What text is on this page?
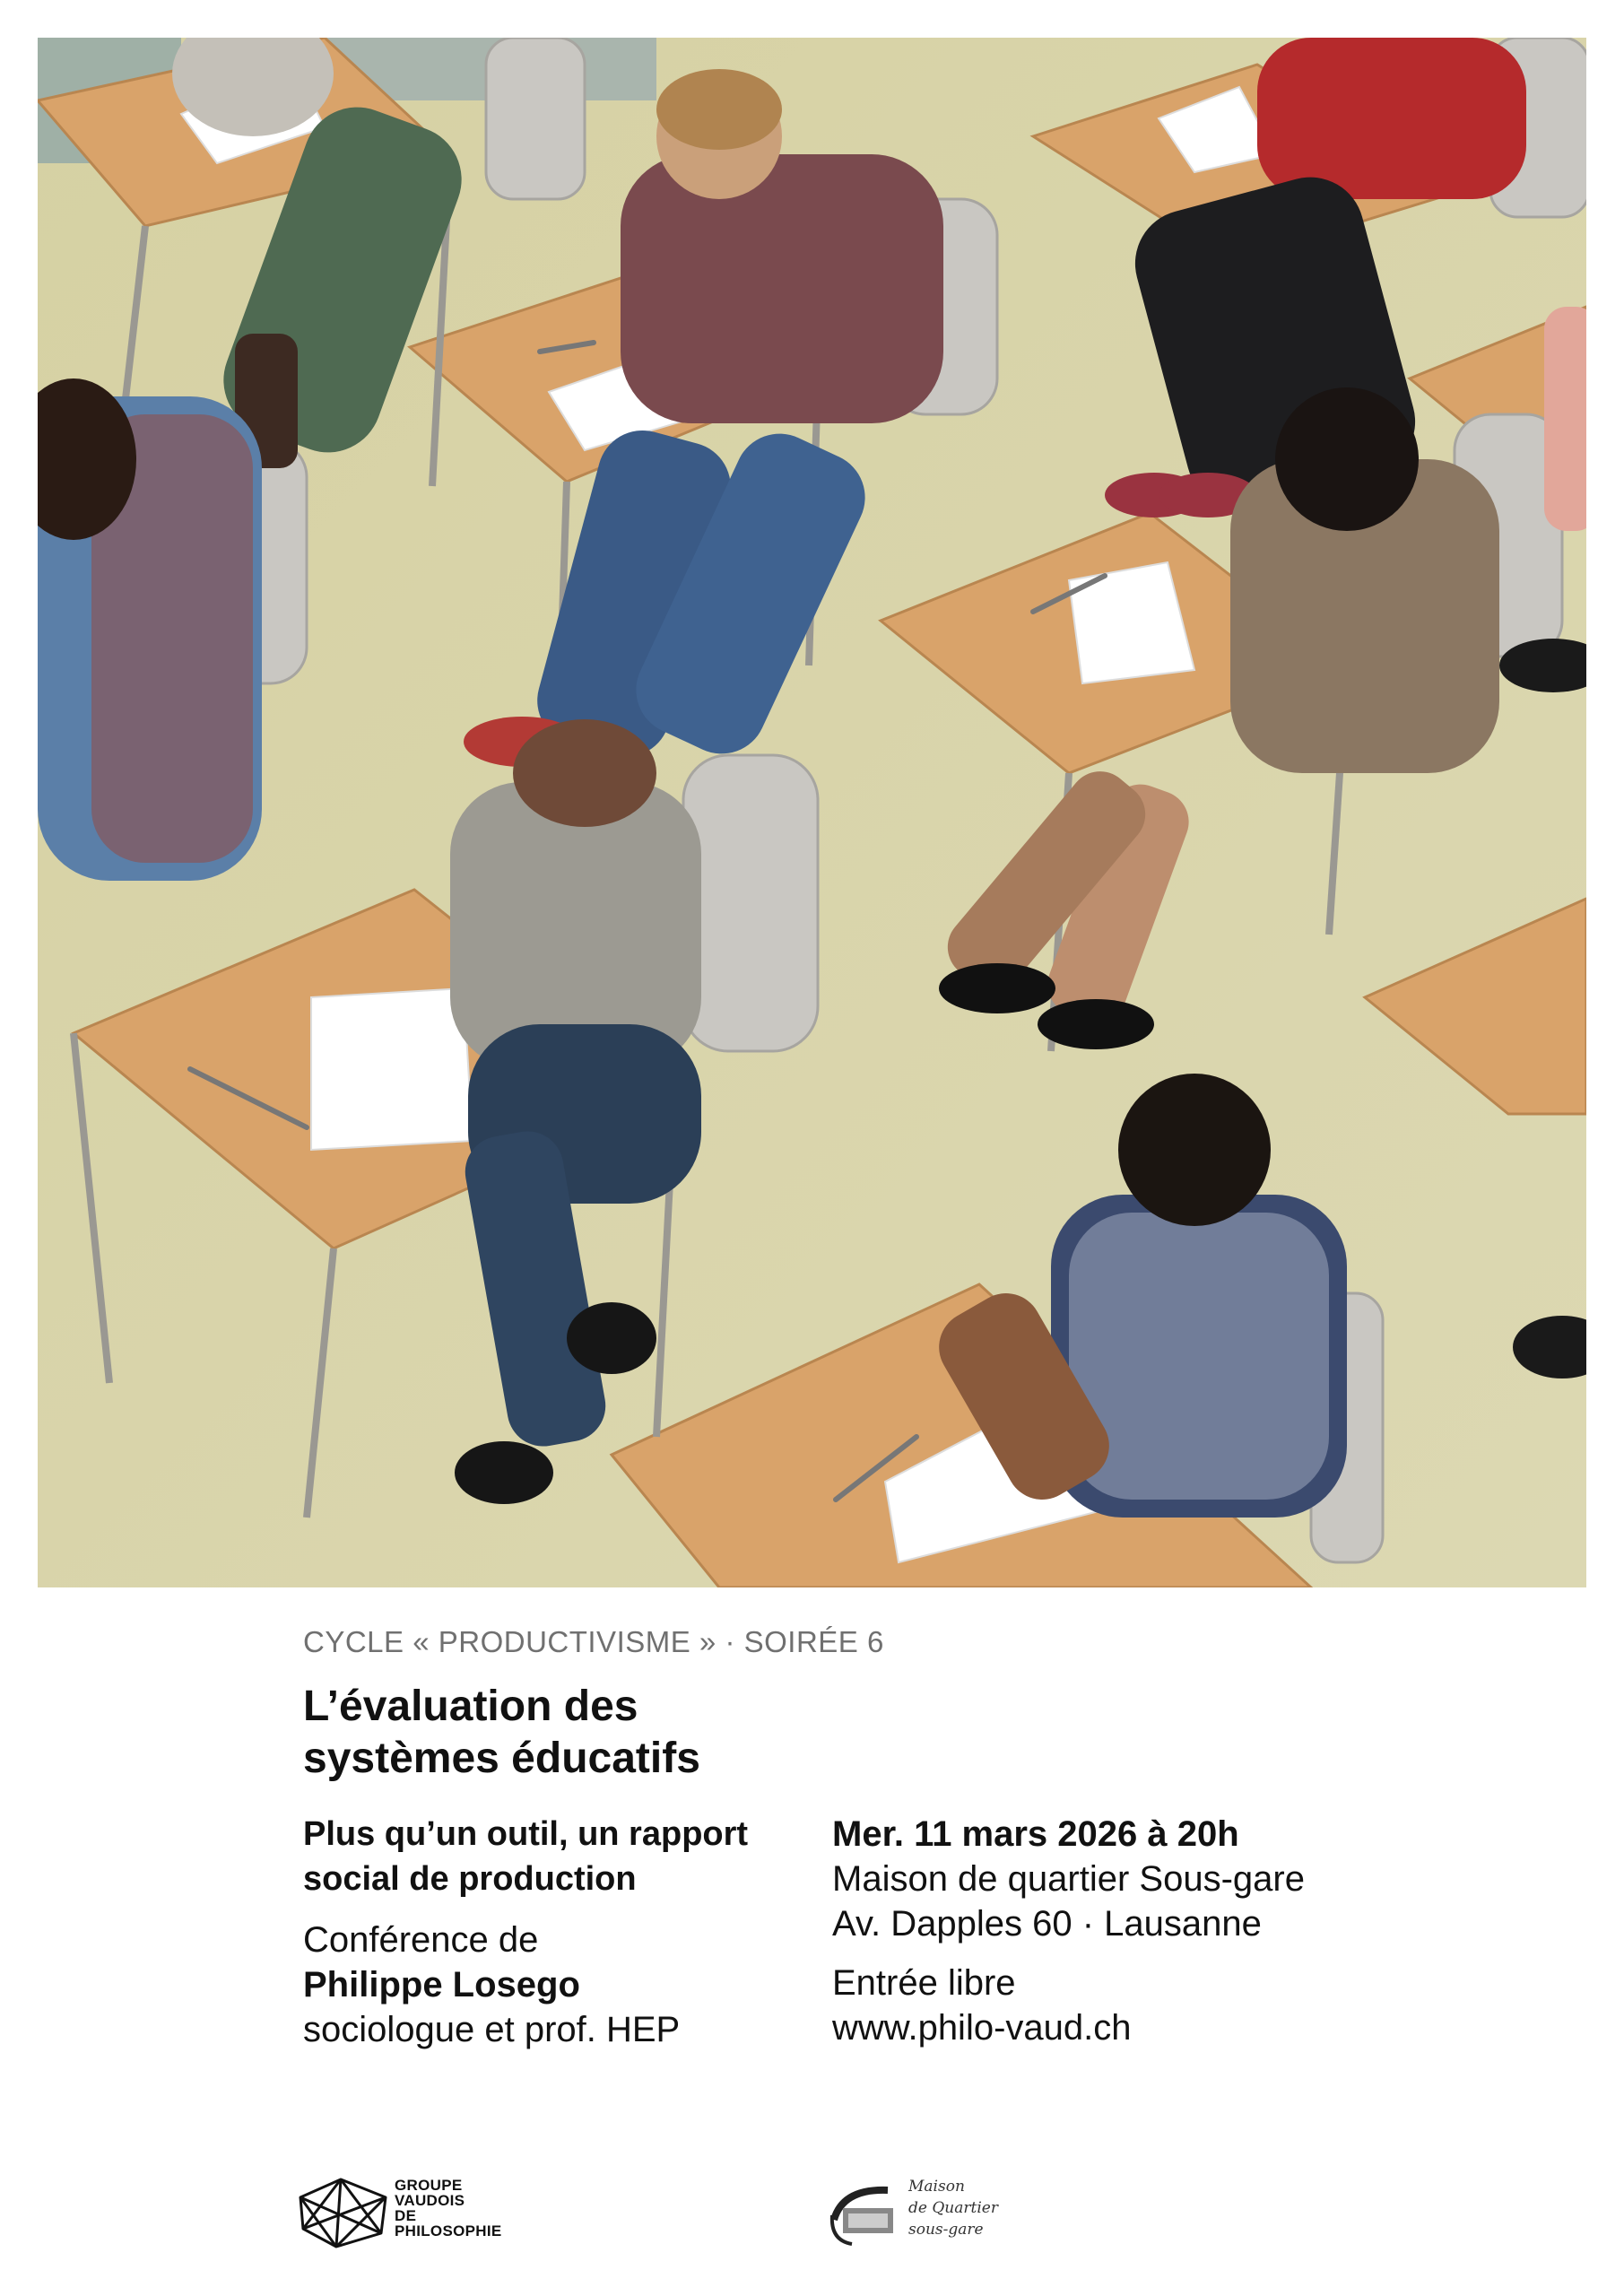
CYCLE « PRODUCTIVISME » · SOIRÉE 6
L’évaluation des
systèmes éducatifs
Plus qu’un outil, un rapport
social de production
Conférence de
Philippe Losego
sociologue et prof. HEP
Mer. 11 mars 2026 à 20h
Maison de quartier Sous-gare
Av. Dapples 60 · Lausanne
Entrée libre
www.philo-vaud.ch
GROUPE
VAUDOIS
DE
PHILOSOPHIE
Maison
de Quartier
sous-gare
